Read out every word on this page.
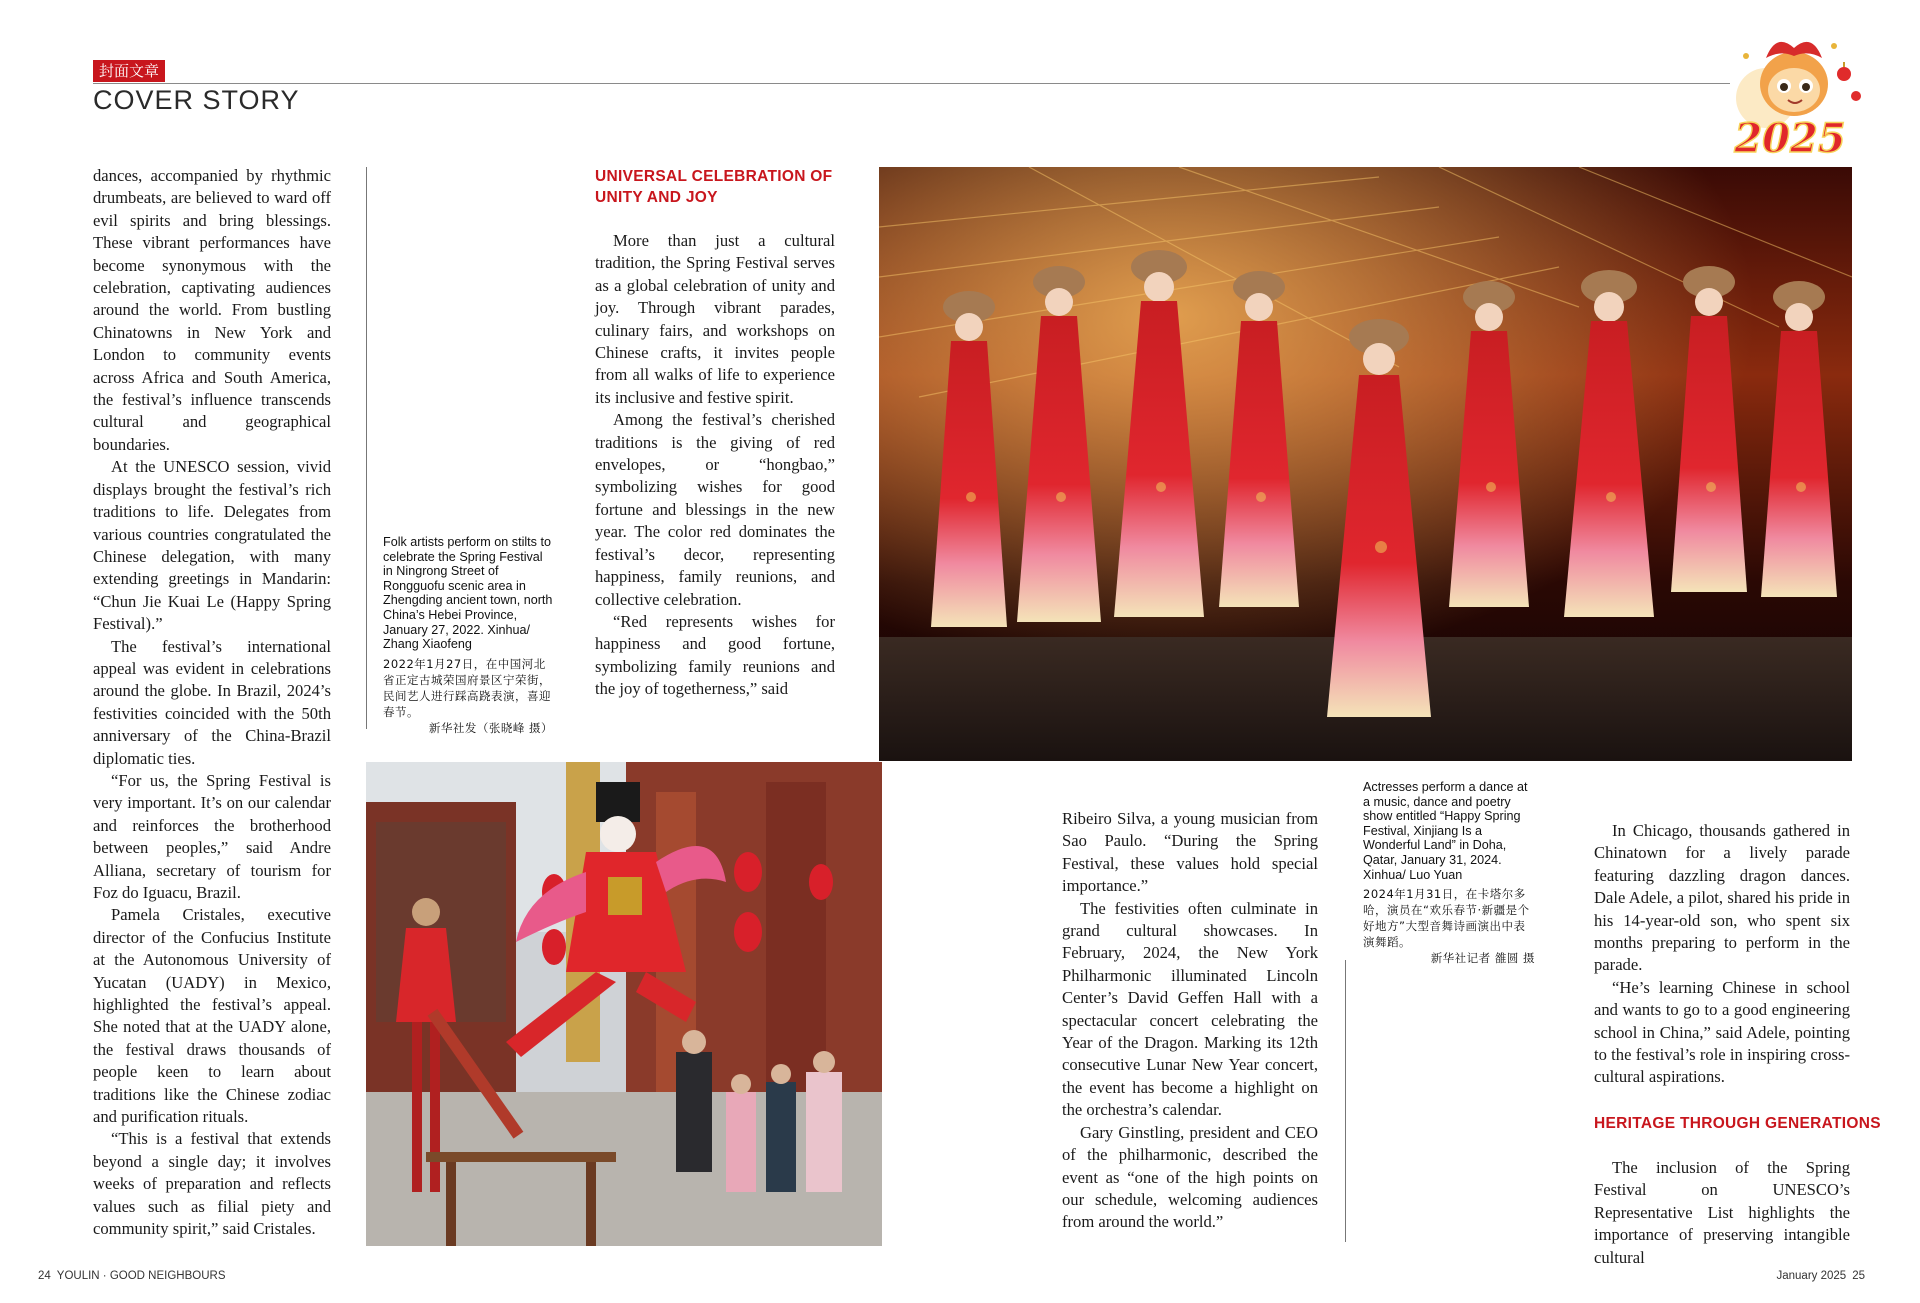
封面文章
COVER STORY
2025

dances, accompanied by rhythmic drumbeats, are believed to ward off evil spirits and bring blessings. These vibrant performances have become synonymous with the celebration, captivating audiences around the world. From bustling Chinatowns in New York and London to community events across Africa and South America, the festival’s influence transcends cultural and geographical boundaries.

At the UNESCO session, vivid displays brought the festival’s rich traditions to life. Delegates from various countries congratulated the Chinese delegation, with many extending greetings in Mandarin: “Chun Jie Kuai Le (Happy Spring Festival).”

The festival’s international appeal was evident in celebrations around the globe. In Brazil, 2024’s festivities coincided with the 50th anniversary of the China-Brazil diplomatic ties.

“For us, the Spring Festival is very important. It’s on our calendar and reinforces the brotherhood between peoples,” said Andre Alliana, secretary of tourism for Foz do Iguacu, Brazil.

Pamela Cristales, executive director of the Confucius Institute at the Autonomous University of Yucatan (UADY) in Mexico, highlighted the festival’s appeal. She noted that at the UADY alone, the festival draws thousands of people keen to learn about traditions like the Chinese zodiac and purification rituals.

“This is a festival that extends beyond a single day; it involves weeks of preparation and reflects values such as filial piety and community spirit,” said Cristales.

Folk artists perform on stilts to celebrate the Spring Festival in Ningrong Street of Rongguofu scenic area in Zhengding ancient town, north China’s Hebei Province, January 27, 2022. Xinhua/ Zhang Xiaofeng
2022年1月27日，在中国河北省正定古城荣国府景区宁荣街，民间艺人进行踩高跷表演，喜迎春节。
新华社发（张晓峰 摄）
UNIVERSAL CELEBRATION OF UNITY AND JOY

More than just a cultural tradition, the Spring Festival serves as a global celebration of unity and joy. Through vibrant parades, culinary fairs, and workshops on Chinese crafts, it invites people from all walks of life to experience its inclusive and festive spirit.

Among the festival’s cherished traditions is the giving of red envelopes, or “hongbao,” symbolizing wishes for good fortune and blessings in the new year. The color red dominates the festival’s decor, representing happiness, family reunions, and collective celebration.

“Red represents wishes for happiness and good fortune, symbolizing family reunions and the joy of togetherness,” said

Actresses perform a dance at a music, dance and poetry show entitled “Happy Spring Festival, Xinjiang Is a Wonderful Land” in Doha, Qatar, January 31, 2024. Xinhua/ Luo Yuan
2024年1月31日，在卡塔尔多哈，演员在“欢乐春节·新疆是个好地方”大型音舞诗画演出中表演舞蹈。
新华社记者 雒圆 摄

Ribeiro Silva, a young musician from Sao Paulo. “During the Spring Festival, these values hold special importance.”

The festivities often culminate in grand cultural showcases. In February, 2024, the New York Philharmonic illuminated Lincoln Center’s David Geffen Hall with a spectacular concert celebrating the Year of the Dragon. Marking its 12th consecutive Lunar New Year concert, the event has become a highlight on the orchestra’s calendar.

Gary Ginstling, president and CEO of the philharmonic, described the event as “one of the high points on our schedule, welcoming audiences from around the world.”

In Chicago, thousands gathered in Chinatown for a lively parade featuring dazzling dragon dances. Dale Adele, a pilot, shared his pride in his 14-year-old son, who spent six months preparing to perform in the parade.

“He’s learning Chinese in school and wants to go to a good engineering school in China,” said Adele, pointing to the festival’s role in inspiring cross-cultural aspirations.

HERITAGE THROUGH GENERATIONS

The inclusion of the Spring Festival on UNESCO’s Representative List highlights the importance of preserving intangible cultural

24 YOULIN · GOOD NEIGHBOURS	January 2025 25
